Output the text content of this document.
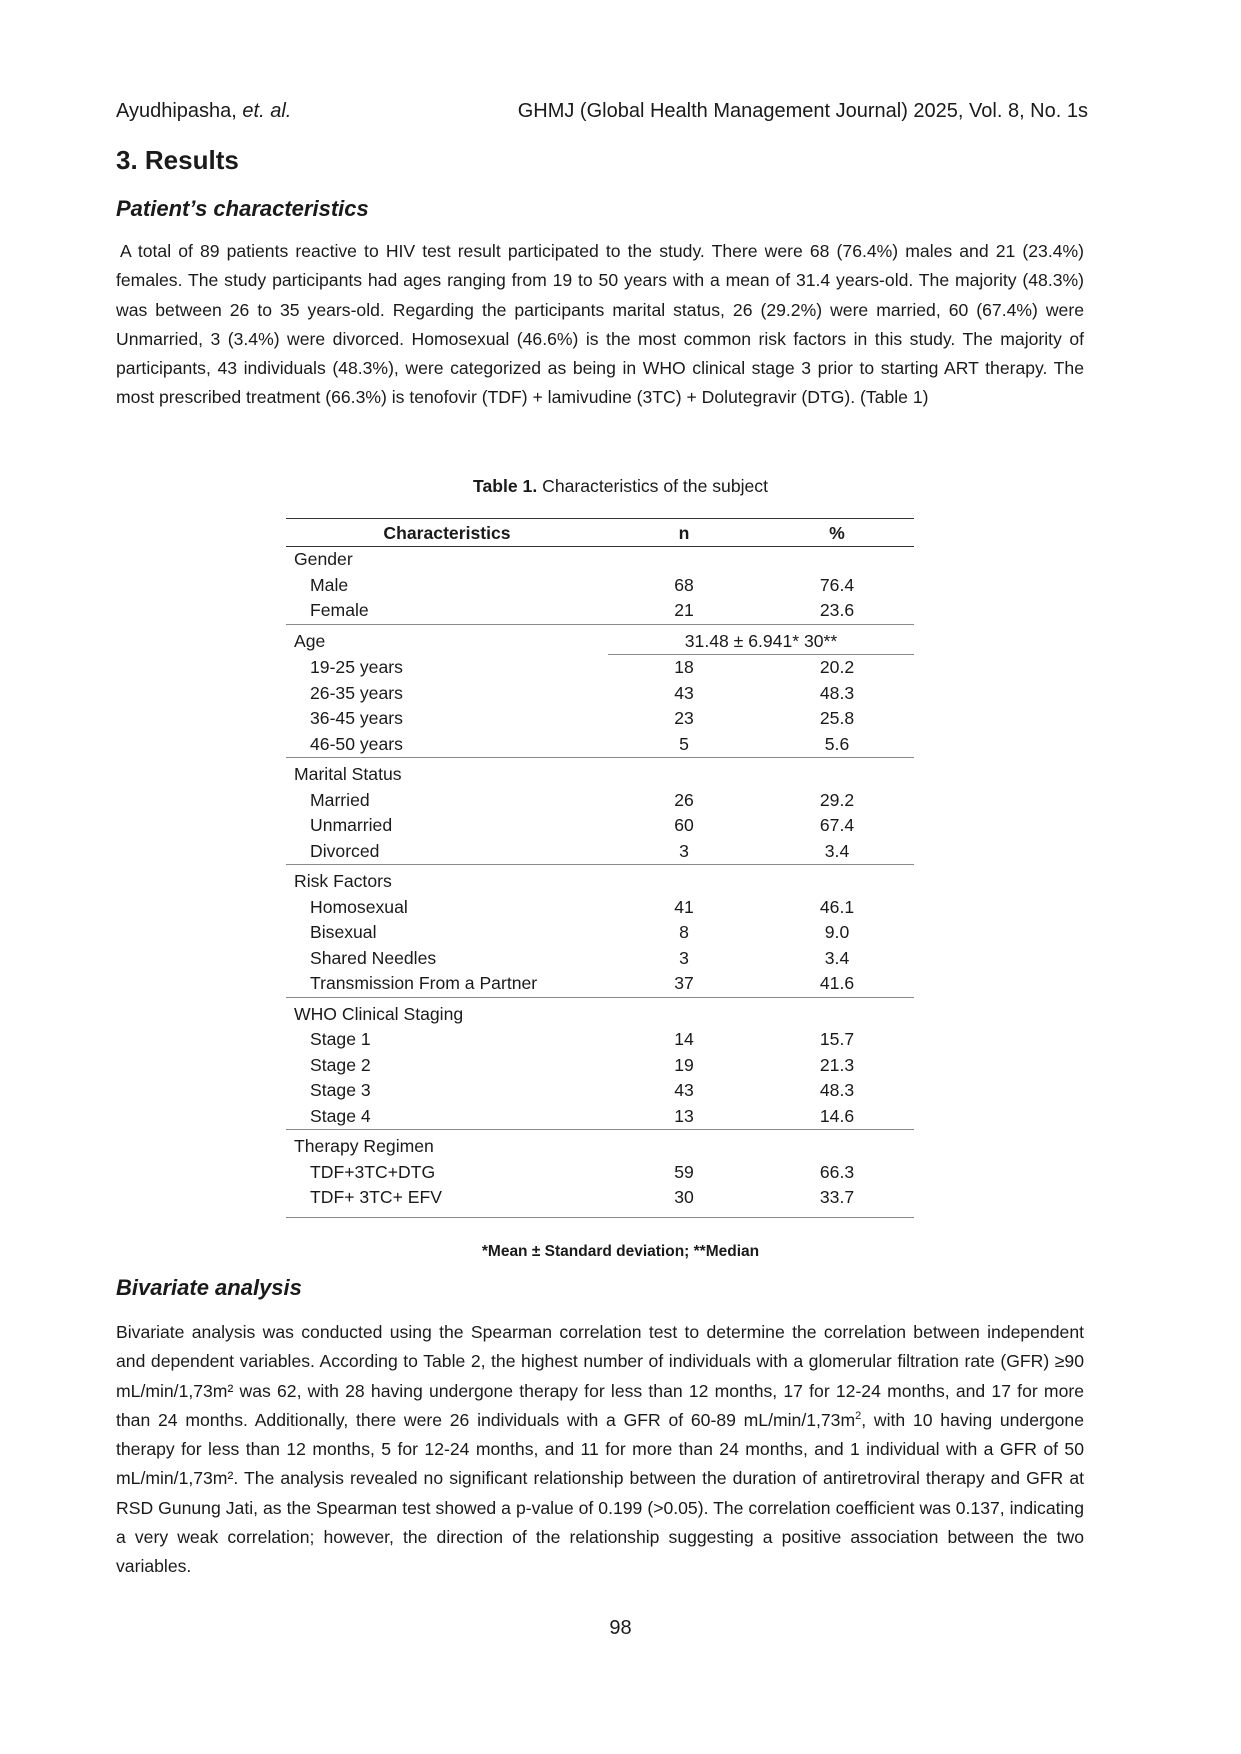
Ayudhipasha, et. al.	GHMJ (Global Health Management Journal) 2025, Vol. 8, No. 1s
3. Results
Patient’s characteristics

A total of 89 patients reactive to HIV test result participated to the study. There were 68 (76.4%) males and 21 (23.4%) females. The study participants had ages ranging from 19 to 50 years with a mean of 31.4 years-old. The majority (48.3%) was between 26 to 35 years-old. Regarding the participants marital status, 26 (29.2%) were married, 60 (67.4%) were Unmarried, 3 (3.4%) were divorced. Homosexual (46.6%) is the most common risk factors in this study. The majority of participants, 43 individuals (48.3%), were categorized as being in WHO clinical stage 3 prior to starting ART therapy. The most prescribed treatment (66.3%) is tenofovir (TDF) + lamivudine (3TC) + Dolutegravir (DTG). (Table 1)

Table 1. Characteristics of the subject
Characteristics	n	%
Gender		
Male	68	76.4
Female	21	23.6
Age	31.48 ± 6.941* 30**	
19-25 years	18	20.2
26-35 years	43	48.3
36-45 years	23	25.8
46-50 years	5	5.6
Marital Status		
Married	26	29.2
Unmarried	60	67.4
Divorced	3	3.4
Risk Factors		
Homosexual	41	46.1
Bisexual	8	9.0
Shared Needles	3	3.4
Transmission From a Partner	37	41.6
WHO Clinical Staging		
Stage 1	14	15.7
Stage 2	19	21.3
Stage 3	43	48.3
Stage 4	13	14.6
Therapy Regimen		
TDF+3TC+DTG	59	66.3
TDF+ 3TC+ EFV	30	33.7
*Mean ± Standard deviation; **Median
Bivariate analysis

Bivariate analysis was conducted using the Spearman correlation test to determine the correlation between independent and dependent variables. According to Table 2, the highest number of individuals with a glomerular filtration rate (GFR) ≥90 mL/min/1,73m² was 62, with 28 having undergone therapy for less than 12 months, 17 for 12-24 months, and 17 for more than 24 months. Additionally, there were 26 individuals with a GFR of 60-89 $mL/\min/1,73m^2$, with 10 having undergone therapy for less than 12 months, 5 for 12-24 months, and 11 for more than 24 months, and 1 individual with a GFR of 50 mL/min/1,73m². The analysis revealed no significant relationship between the duration of antiretroviral therapy and GFR at RSD Gunung Jati, as the Spearman test showed a p-value of 0.199 (>0.05). The correlation coefficient was 0.137, indicating a very weak correlation; however, the direction of the relationship suggesting a positive association between the two variables.

98
